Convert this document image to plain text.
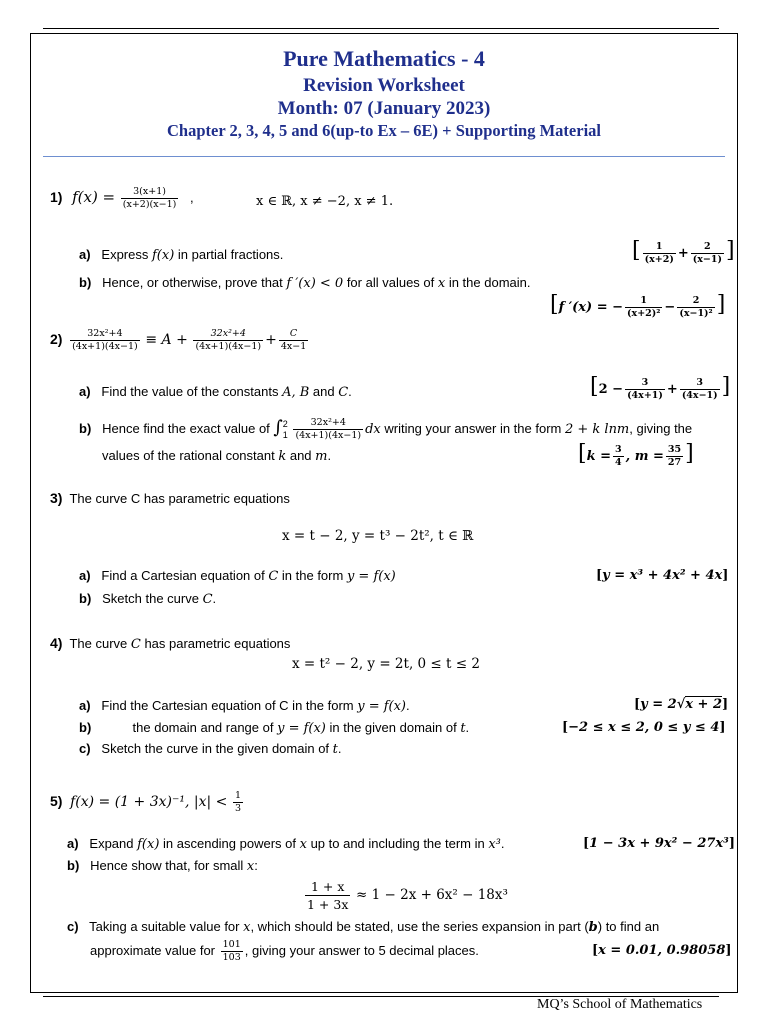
Pure Mathematics - 4
Revision Worksheet
Month: 07 (January 2023)
Chapter 2, 3, 4, 5 and 6(up-to Ex – 6E) + Supporting Material
1) $f(x) = \frac{3(x+1)}{(x+2)(x-1)}$ ,	x ∈ ℝ, x ≠ −2, x ≠ 1.
a) Express f(x) in partial fractions.	[ $\frac{1}{(x+2)} + \frac{2}{(x-1)}$ ]
b) Hence, or otherwise, prove that f ′(x) < 0 for all values of x in the domain.
[f ′(x) = − $\frac{1}{\text{(x+2)²}} - \frac{2}{\text{(x−1)²}}$ ]
$2) \frac{\text{32x²+4}}{(4x+1)(4x-1)} \equiv A + \frac{\text{32x²+4}}{(4x+1)(4x-1)} + \frac{C}{4x-1}$
a) Find the value of the constants A, B and C.	[$2 - \frac{3}{(4x+1)} + \frac{3}{(4x-1)}$ ]
b) Hence find the exact value of ∫ 2
1
$\frac{\text{32x²+4}}{(4x+1)(4x-1)}$ dx writing your answer in the form 2 + k lnm, giving the
values of the rational constant k and m.	[$k = \frac{3}{4}$ , $m = \frac{35}{27}$ ]
3) The curve C has parametric equations
x = t − 2, y = t³ − 2t², t ∈ ℝ
a) Find a Cartesian equation of C in the form y = f(x)	[y = x³ + 4x² + 4x]
b) Sketch the curve C.
4) The curve C has parametric equations
x = t² − 2, y = 2t, 0 ≤ t ≤ 2
a) Find the Cartesian equation of C in the form y = f(x).	[y = 2√x + 2]
b)	the domain and range of y = f(x) in the given domain of t.	[−2 ≤ x ≤ 2, 0 ≤ y ≤ 4]
c) Sketch the curve in the given domain of t.
5) f(x) = (1 + 3x)⁻¹, $|x| < \frac{1}{3}$
a) Expand f(x) in ascending powers of x up to and including the term in x³.	[1 − 3x + 9x² − 27x³]
b) Hence show that, for small x:
$\frac{1 + x}{1 + 3x} \approx 1 - 2x + 6x^2 - 18x^3$
c) Taking a suitable value for x, which should be stated, use the series expansion in part (b) to find an
approximate value for $\frac{101}{103}$ , giving your answer to 5 decimal places.	[x = 0.01, 0.98058]
MQ’s School of Mathematics
